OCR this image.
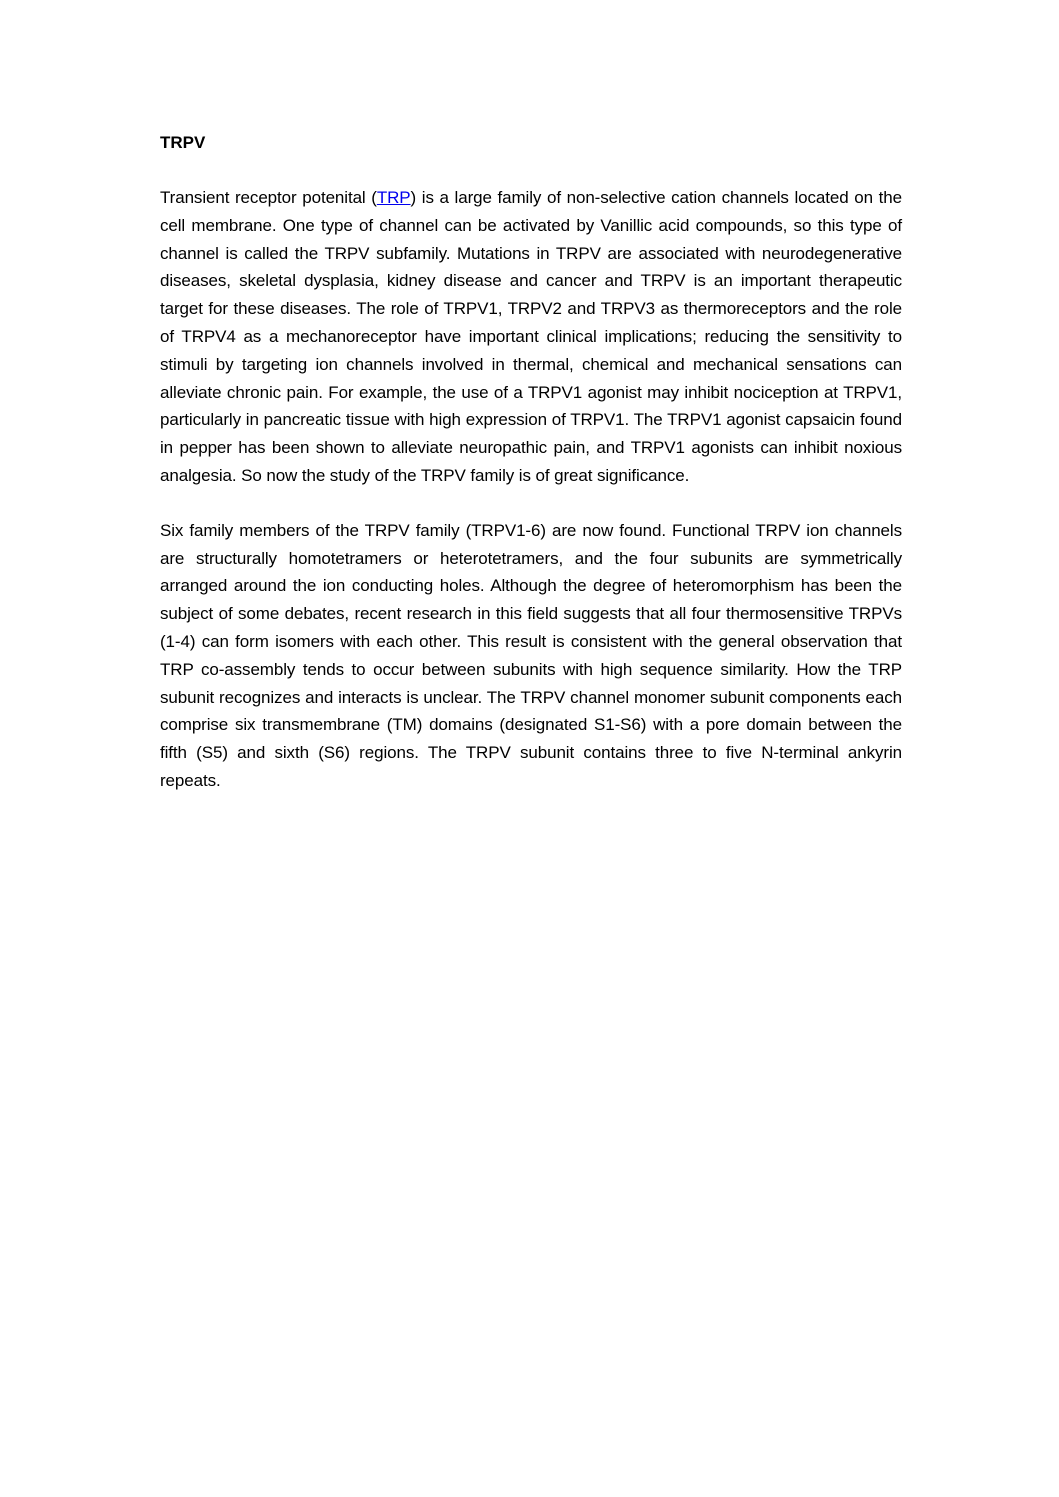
TRPV

Transient receptor potenital (TRP) is a large family of non-selective cation channels located on the cell membrane. One type of channel can be activated by Vanillic acid compounds, so this type of channel is called the TRPV subfamily. Mutations in TRPV are associated with neurodegenerative diseases, skeletal dysplasia, kidney disease and cancer and TRPV is an important therapeutic target for these diseases. The role of TRPV1, TRPV2 and TRPV3 as thermoreceptors and the role of TRPV4 as a mechanoreceptor have important clinical implications; reducing the sensitivity to stimuli by targeting ion channels involved in thermal, chemical and mechanical sensations can alleviate chronic pain. For example, the use of a TRPV1 agonist may inhibit nociception at TRPV1, particularly in pancreatic tissue with high expression of TRPV1. The TRPV1 agonist capsaicin found in pepper has been shown to alleviate neuropathic pain, and TRPV1 agonists can inhibit noxious analgesia. So now the study of the TRPV family is of great significance.

Six family members of the TRPV family (TRPV1-6) are now found. Functional TRPV ion channels are structurally homotetramers or heterotetramers, and the four subunits are symmetrically arranged around the ion conducting holes. Although the degree of heteromorphism has been the subject of some debates, recent research in this field suggests that all four thermosensitive TRPVs (1-4) can form isomers with each other. This result is consistent with the general observation that TRP co-assembly tends to occur between subunits with high sequence similarity. How the TRP subunit recognizes and interacts is unclear. The TRPV channel monomer subunit components each comprise six transmembrane (TM) domains (designated S1-S6) with a pore domain between the fifth (S5) and sixth (S6) regions. The TRPV subunit contains three to five N-terminal ankyrin repeats.
